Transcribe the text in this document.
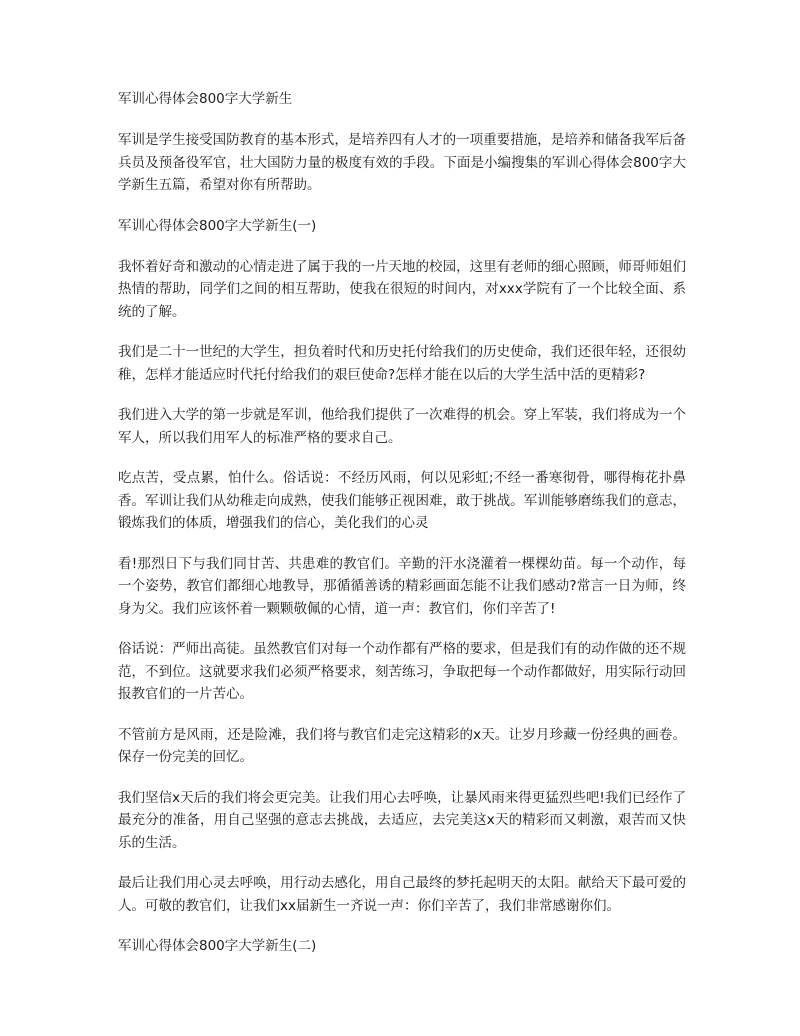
军训心得体会800字大学新生

军训是学生接受国防教育的基本形式，是培养四有人才的一项重要措施，是培养和储备我军后备兵员及预备役军官，壮大国防力量的极度有效的手段。下面是小编搜集的军训心得体会800字大学新生五篇，希望对你有所帮助。

军训心得体会800字大学新生(一)

我怀着好奇和激动的心情走进了属于我的一片天地的校园，这里有老师的细心照顾，师哥师姐们热情的帮助，同学们之间的相互帮助，使我在很短的时间内，对xxx学院有了一个比较全面、系统的了解。

我们是二十一世纪的大学生，担负着时代和历史托付给我们的历史使命，我们还很年轻，还很幼稚，怎样才能适应时代托付给我们的艰巨使命?怎样才能在以后的大学生活中活的更精彩?

我们进入大学的第一步就是军训，他给我们提供了一次难得的机会。穿上军装，我们将成为一个军人，所以我们用军人的标准严格的要求自己。

吃点苦，受点累，怕什么。俗话说：不经历风雨，何以见彩虹;不经一番寒彻骨，哪得梅花扑鼻香。军训让我们从幼稚走向成熟，使我们能够正视困难，敢于挑战。军训能够磨练我们的意志，锻炼我们的体质，增强我们的信心，美化我们的心灵

看!那烈日下与我们同甘苦、共患难的教官们。辛勤的汗水浇灌着一棵棵幼苗。每一个动作，每一个姿势，教官们都细心地教导，那循循善诱的精彩画面怎能不让我们感动?常言一日为师，终身为父。我们应该怀着一颗颗敬佩的心情，道一声：教官们，你们辛苦了!

俗话说：严师出高徒。虽然教官们对每一个动作都有严格的要求，但是我们有的动作做的还不规范，不到位。这就要求我们必须严格要求，刻苦练习，争取把每一个动作都做好，用实际行动回报教官们的一片苦心。

不管前方是风雨，还是险滩，我们将与教官们走完这精彩的x天。让岁月珍藏一份经典的画卷。保存一份完美的回忆。

我们坚信x天后的我们将会更完美。让我们用心去呼唤，让暴风雨来得更猛烈些吧!我们已经作了最充分的准备，用自己坚强的意志去挑战，去适应，去完美这x天的精彩而又刺激，艰苦而又快乐的生活。

最后让我们用心灵去呼唤，用行动去感化，用自己最终的梦托起明天的太阳。献给天下最可爱的人。可敬的教官们，让我们xx届新生一齐说一声：你们辛苦了，我们非常感谢你们。

军训心得体会800字大学新生(二)
